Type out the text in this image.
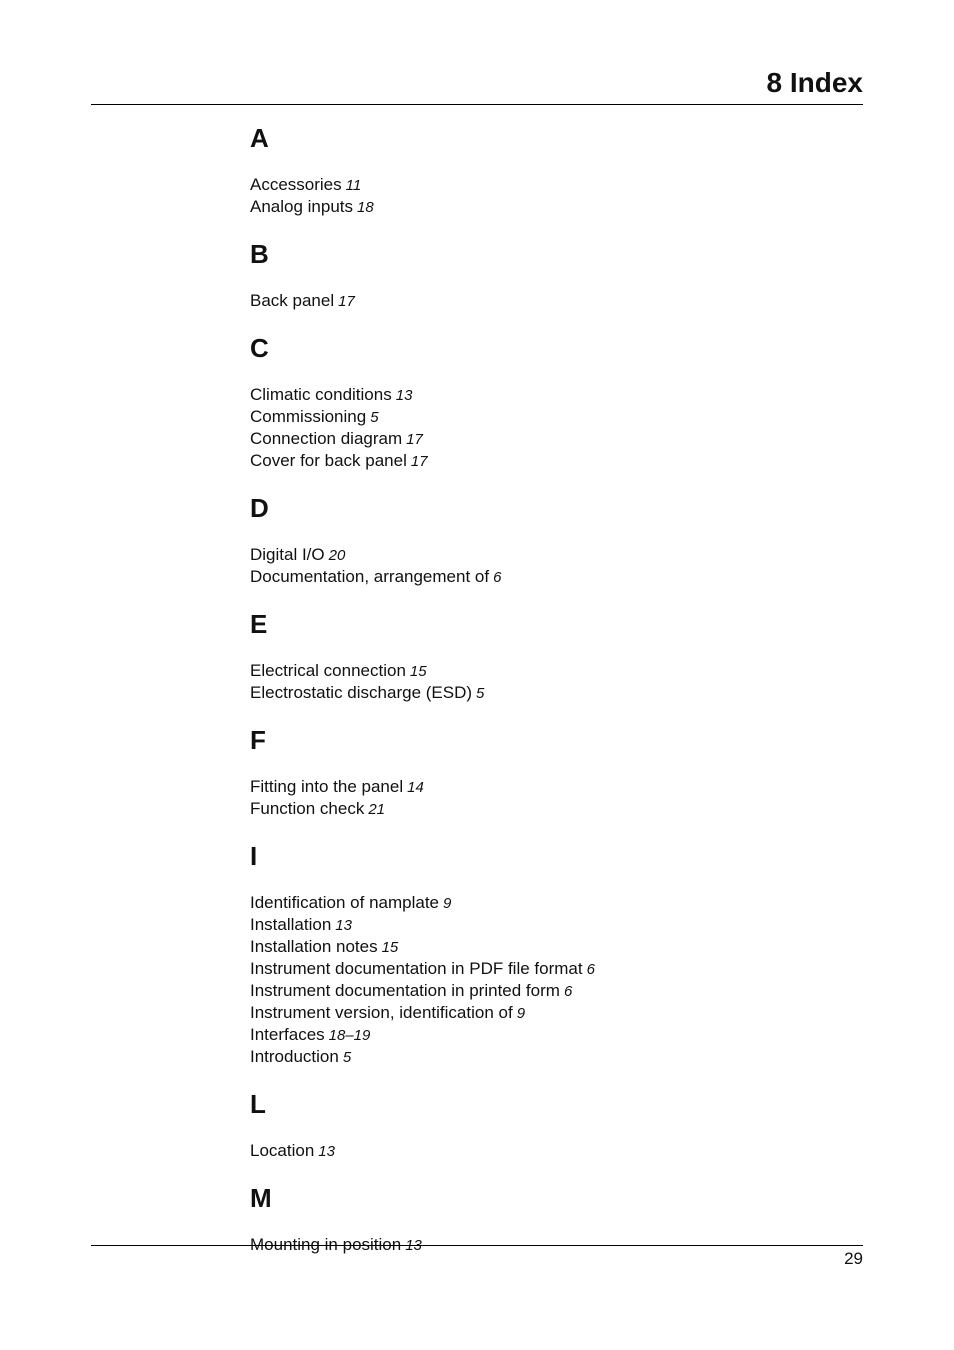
8 Index
A
Accessories 11
Analog inputs 18
B
Back panel 17
C
Climatic conditions 13
Commissioning 5
Connection diagram 17
Cover for back panel 17
D
Digital I/O 20
Documentation, arrangement of 6
E
Electrical connection 15
Electrostatic discharge (ESD) 5
F
Fitting into the panel 14
Function check 21
I
Identification of namplate 9
Installation 13
Installation notes 15
Instrument documentation in PDF file format 6
Instrument documentation in printed form 6
Instrument version, identification of 9
Interfaces 18–19
Introduction 5
L
Location 13
M
Mounting in position 13
29
